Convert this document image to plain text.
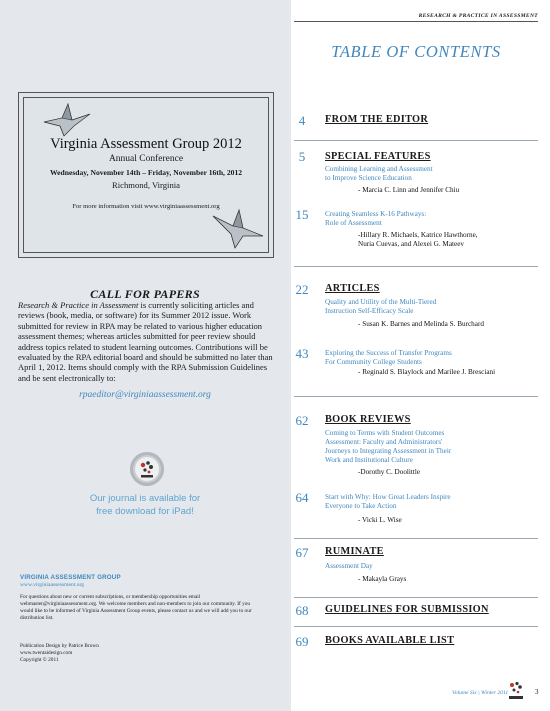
Virginia Assessment Group 2012
Annual Conference
Wednesday, November 14th – Friday, November 16th, 2012
Richmond, Virginia
For more information visit www.virginiaassessment.org
CALL FOR PAPERS
Research & Practice in Assessment is currently soliciting articles and reviews (book, media, or software) for its Summer 2012 issue. Work submitted for review in RPA may be related to various higher education assessment themes; whereas articles submitted for peer review should address topics related to student learning outcomes. Contributions will be evaluated by the RPA editorial board and should be submitted no later than April 1, 2012. Items should comply with the RPA Submission Guidelines and be sent electronically to:
rpaeditor@virginiaassessment.org
Our journal is available for
free download for iPad!
VIRGINIA ASSESSMENT GROUP
www.virginiaassessment.org
For questions about new or current subscriptions, or membership opportunities email webmaster@virginiaassessment.org. We welcome members and non-members to join our community. If you would like to be informed of Virginia Assessment Group events, please contact us and we will add you to our distribution list.
Publication Design by Patrice Brown
www.twentaidesign.com
Copyright © 2011
RESEARCH & PRACTICE IN ASSESSMENT
TABLE OF CONTENTS
4	FROM THE EDITOR
5	SPECIAL FEATURES
Combining Learning and Assessment
to Improve Science Education
- Marcia C. Linn and Jennifer Chiu
15	Creating Seamless K-16 Pathways:
Role of Assessment
-Hillary R. Michaels, Katrice Hawthorne,
Nuria Cuevas, and Alexei G. Mateev
22	ARTICLES
Quality and Utility of the Multi-Tiered
Instruction Self-Efficacy Scale
- Susan K. Barnes and Melinda S. Burchard
43	Exploring the Success of Transfer Programs
For Community College Students
- Reginald S. Blaylock and Marilee J. Bresciani
62	BOOK REVIEWS
Coming to Terms with Student Outcomes
Assessment: Faculty and Administrators'
Journeys to Integrating Assessment in Their
Work and Institutional Culture
-Dorothy C. Doolittle
64	Start with Why: How Great Leaders Inspire
Everyone to Take Action
- Vicki L. Wise
67	RUMINATE
Assessment Day
- Makayla Grays
68	GUIDELINES FOR SUBMISSION
69	BOOKS AVAILABLE LIST
Volume Six | Winter 2011	3
